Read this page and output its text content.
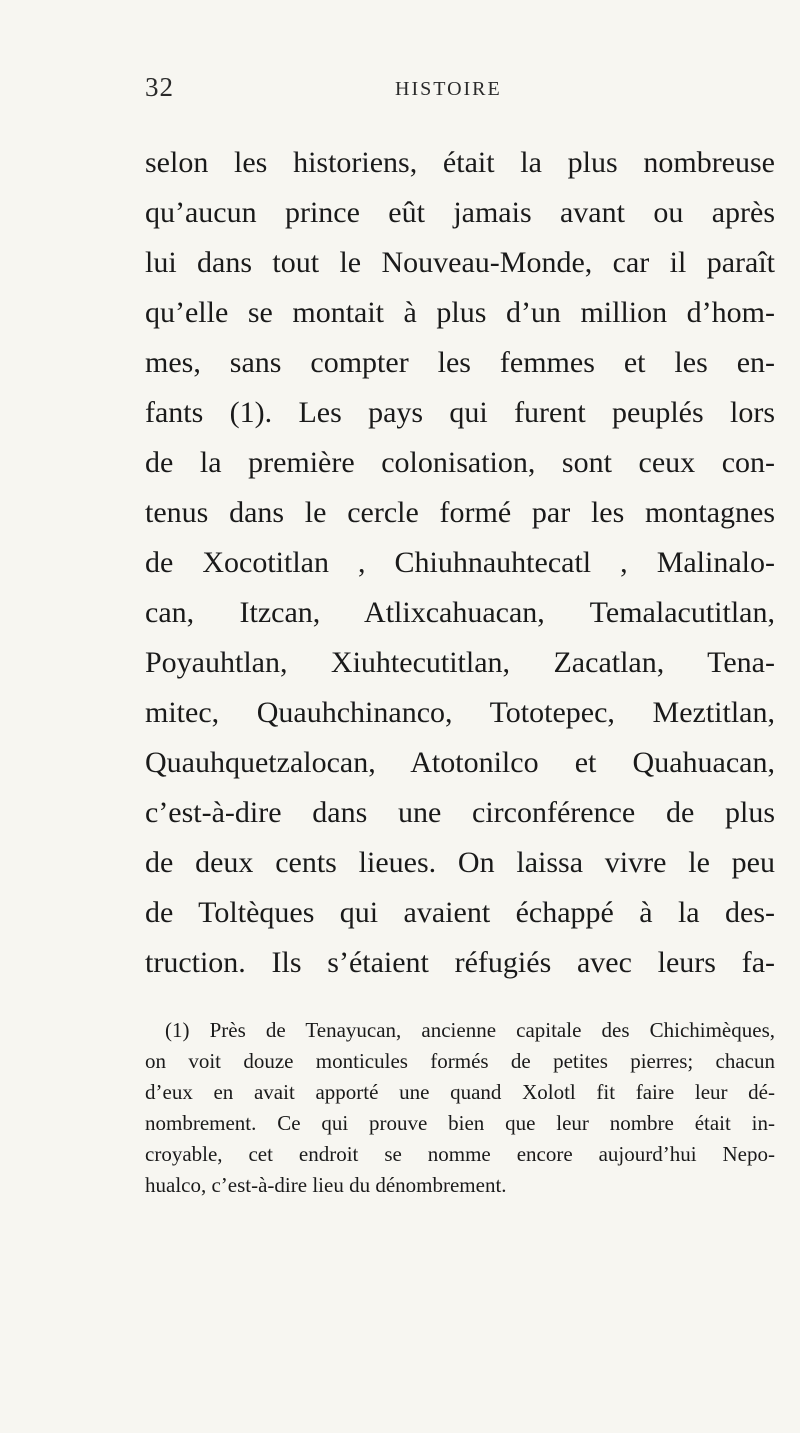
32	HISTOIRE
selon les historiens, était la plus nombreuse
qu’aucun prince eût jamais avant ou après
lui dans tout le Nouveau-Monde, car il paraît
qu’elle se montait à plus d’un million d’hom-
mes, sans compter les femmes et les en-
fants (1). Les pays qui furent peuplés lors
de la première colonisation, sont ceux con-
tenus dans le cercle formé par les montagnes
de Xocotitlan , Chiuhnauhtecatl , Malinalo-
can, Itzcan, Atlixcahuacan, Temalacutitlan,
Poyauhtlan, Xiuhtecutitlan, Zacatlan, Tena-
mitec, Quauhchinanco, Tototepec, Meztitlan,
Quauhquetzalocan, Atotonilco et Quahuacan,
c’est-à-dire dans une circonférence de plus
de deux cents lieues. On laissa vivre le peu
de Toltèques qui avaient échappé à la des-
truction. Ils s’étaient réfugiés avec leurs fa-
(1) Près de Tenayucan, ancienne capitale des Chichimèques,
on voit douze monticules formés de petites pierres; chacun
d’eux en avait apporté une quand Xolotl fit faire leur dé-
nombrement. Ce qui prouve bien que leur nombre était in-
croyable, cet endroit se nomme encore aujourd’hui Nepo-
hualco, c’est-à-dire lieu du dénombrement.
